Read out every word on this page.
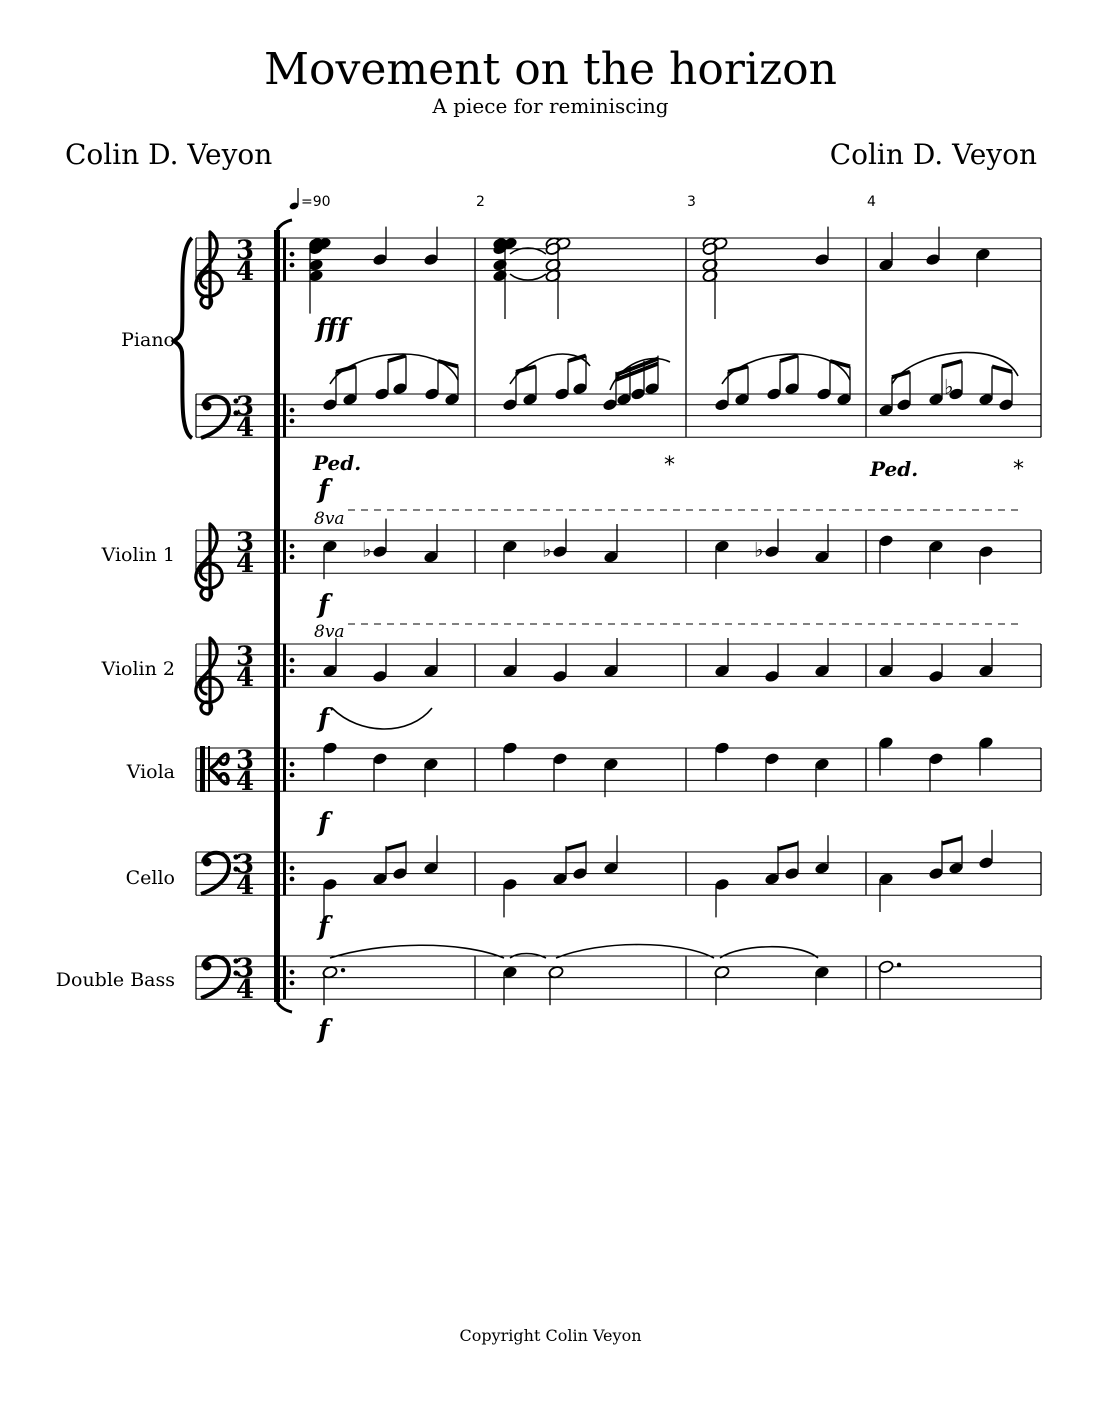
Movement on the horizon
A piece for reminiscing
Colin D. Veyon	Colin D. Veyon
Copyright Colin Veyon
♭
♭	♭	♭
=90	2	3	4
Piano
Violin 1
Violin 2
Viola
Cello
Double Bass
3
4
3
4
3
4
3
4
3
4
3
4
3
4
fff
f
f
f
f
f
f
Ped.	*	Ped.	*
8va
8va
